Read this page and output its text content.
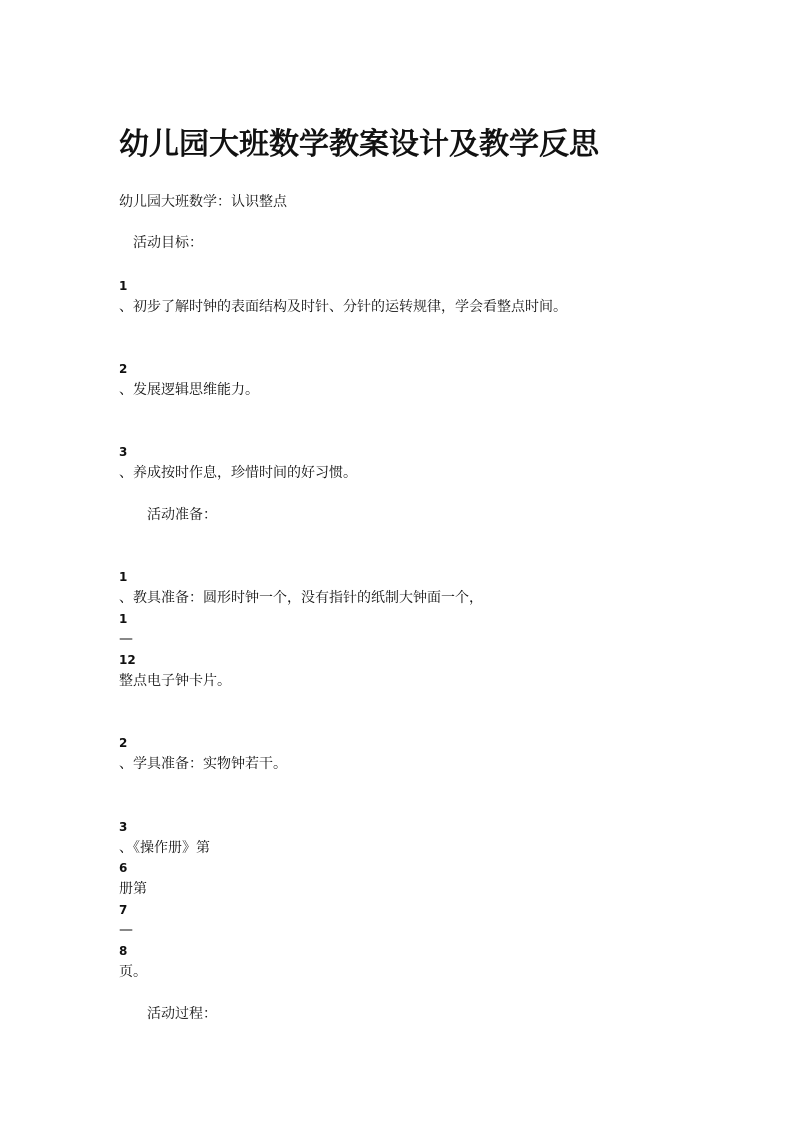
幼儿园大班数学教案设计及教学反思
幼儿园大班数学：认识整点
活动目标：
1
、初步了解时钟的表面结构及时针、分针的运转规律，学会看整点时间。
2
、发展逻辑思维能力。
3
、养成按时作息，珍惜时间的好习惯。
活动准备：
1
、教具准备：圆形时钟一个，没有指针的纸制大钟面一个，
1
—
12
整点电子钟卡片。
2
、学具准备：实物钟若干。
3
、《操作册》第
6
册第
7
—
8
页。
活动过程：
